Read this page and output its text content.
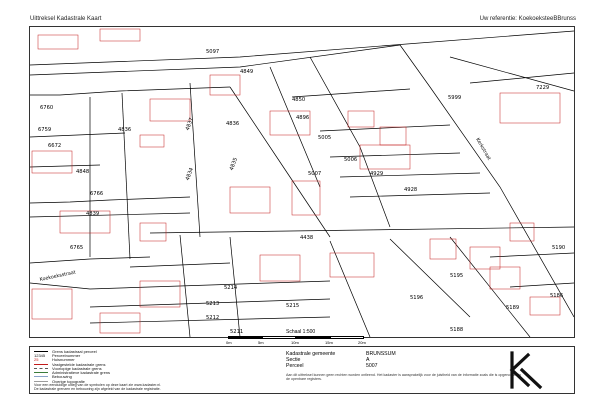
Uittreksel Kadastrale Kaart	Uw referentie: KoekoeksteeBBrunss
5097
4849
4850	5999
7229
6760
6759	4836	4837	4836
4896
5005
6672
4848
5006
4834
4835
5007	4929
4928
6766
4839
6765
4438
5190
5214
5195
5196
5213	5215	5189
5212
5186
5211	5188
Kerkstraat
Koekoeksstraat
Schaal 1:500
0m	5m	10m	15m	20m
Grens kadastraal perceel
12345	Perceelnummer
25	Huisnummer
Vastgestelde kadastrale grens
Voorlopige kadastrale grens
Administratieve kadastrale grens
Bebouwing
Overige topografie
Voor een eenduidige uitleg van de symbolen op deze kaart zie www.kadaster.nl.
De kadastrale grenzen en bebouwing zijn afgeleid van de kadastrale registratie.
Kadastrale gemeente	BRUNSSUM
Sectie	A
Perceel	5007
Aan dit uittreksel kunnen geen rechten worden ontleend. Het kadaster is aansprakelijk voor de juistheid van de informatie zoals die is opgenomen in de openbare registers.
